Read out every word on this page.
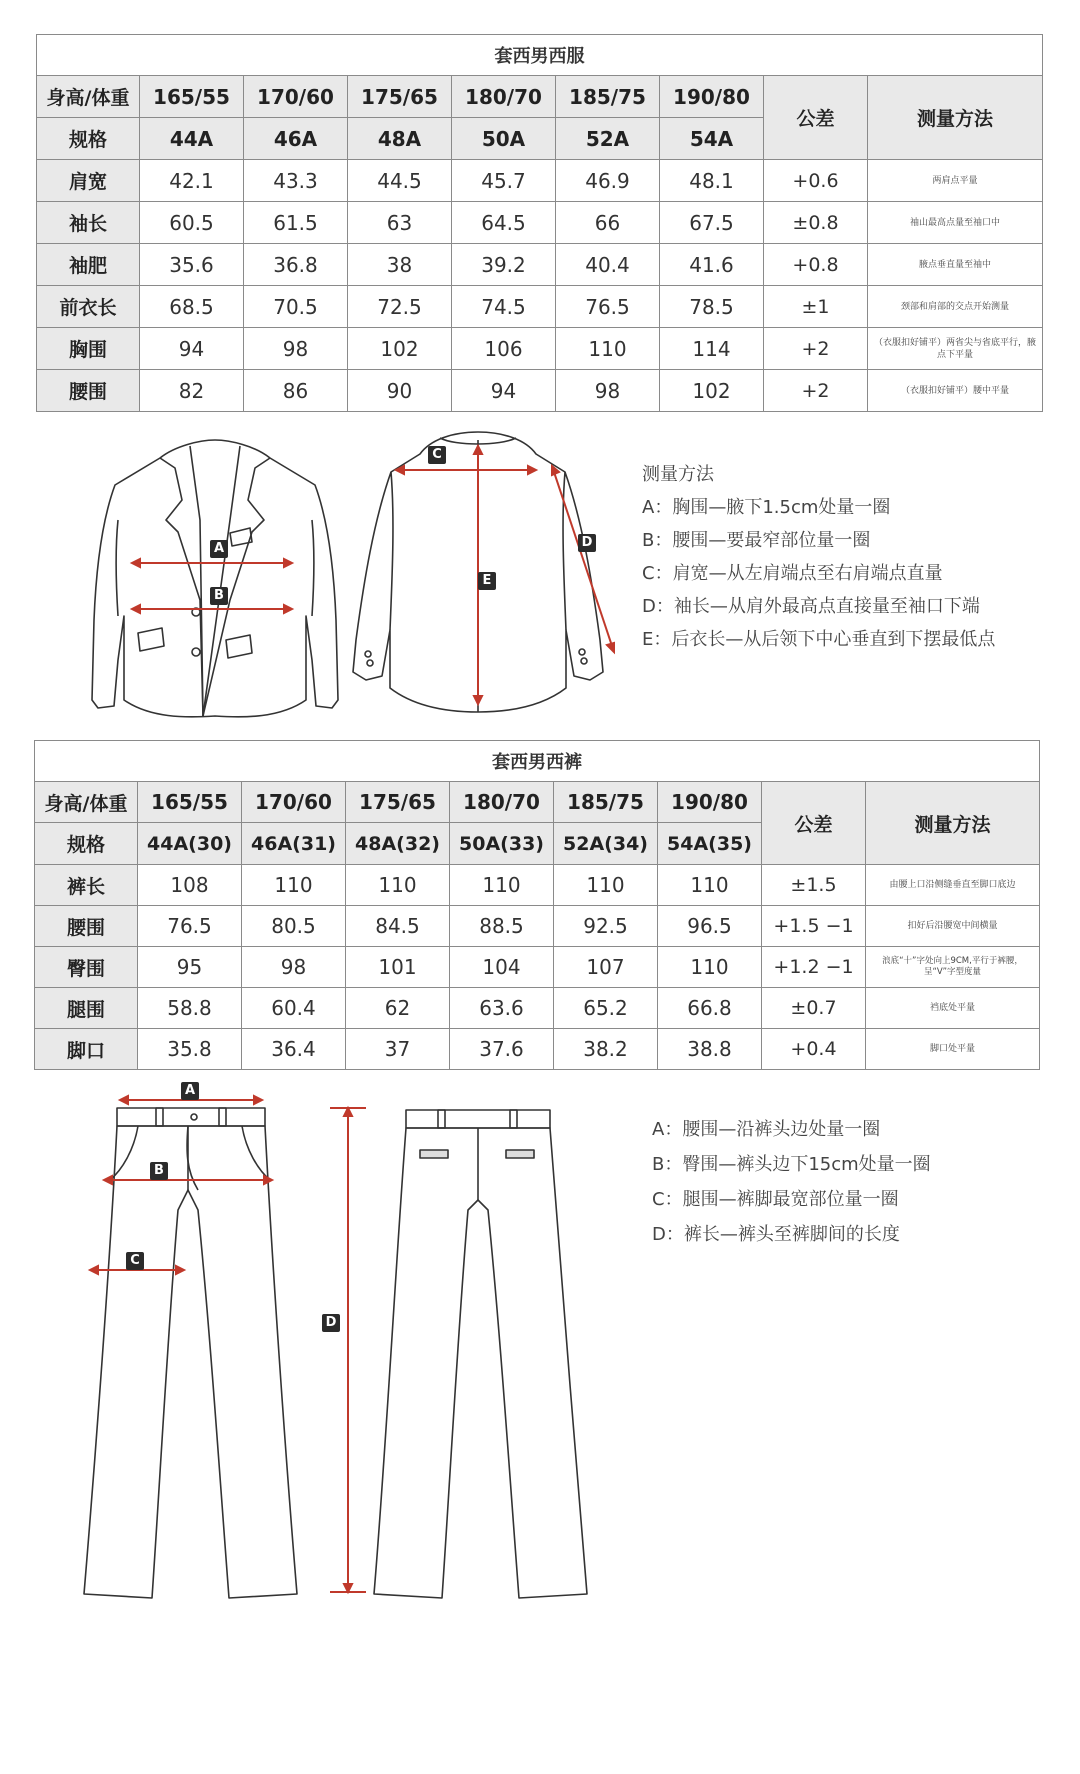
套西男西服								
身高/体重	165/55	170/60	175/65	180/70	185/75	190/80	公差	测量方法
规格	44A	46A	48A	50A	52A	54A		
肩宽	42.1	43.3	44.5	45.7	46.9	48.1	+0.6	两肩点平量
袖长	60.5	61.5	63	64.5	66	67.5	±0.8	袖山最高点量至袖口中
袖肥	35.6	36.8	38	39.2	40.4	41.6	+0.8	腋点垂直量至袖中
前衣长	68.5	70.5	72.5	74.5	76.5	78.5	±1	颈部和肩部的交点开始测量
胸围	94	98	102	106	110	114	+2	（衣服扣好铺平）两省尖与省底平行，腋点下平量
腰围	82	86	90	94	98	102	+2	（衣服扣好铺平）腰中平量
A
B
C
E
D
测量方法
A：胸围—腋下1.5cm处量一圈
B：腰围—要最窄部位量一圈
C：肩宽—从左肩端点至右肩端点直量
D：袖长—从肩外最高点直接量至袖口下端
E：后衣长—从后领下中心垂直到下摆最低点
套西男西裤								
身高/体重	165/55	170/60	175/65	180/70	185/75	190/80	公差	测量方法
规格	44A(30)	46A(31)	48A(32)	50A(33)	52A(34)	54A(35)		
裤长	108	110	110	110	110	110	±1.5	由腰上口沿侧缝垂直至脚口底边
腰围	76.5	80.5	84.5	88.5	92.5	96.5	+1.5 −1	扣好后沿腰宽中间横量
臀围	95	98	101	104	107	110	+1.2 −1	浪底“十”字处向上9CM,平行于裤腰，呈“V”字型度量
腿围	58.8	60.4	62	63.6	65.2	66.8	±0.7	裆底处平量
脚口	35.8	36.4	37	37.6	38.2	38.8	+0.4	脚口处平量
A
B
C
D
A：腰围—沿裤头边处量一圈
B：臀围—裤头边下15cm处量一圈
C：腿围—裤脚最宽部位量一圈
D：裤长—裤头至裤脚间的长度
